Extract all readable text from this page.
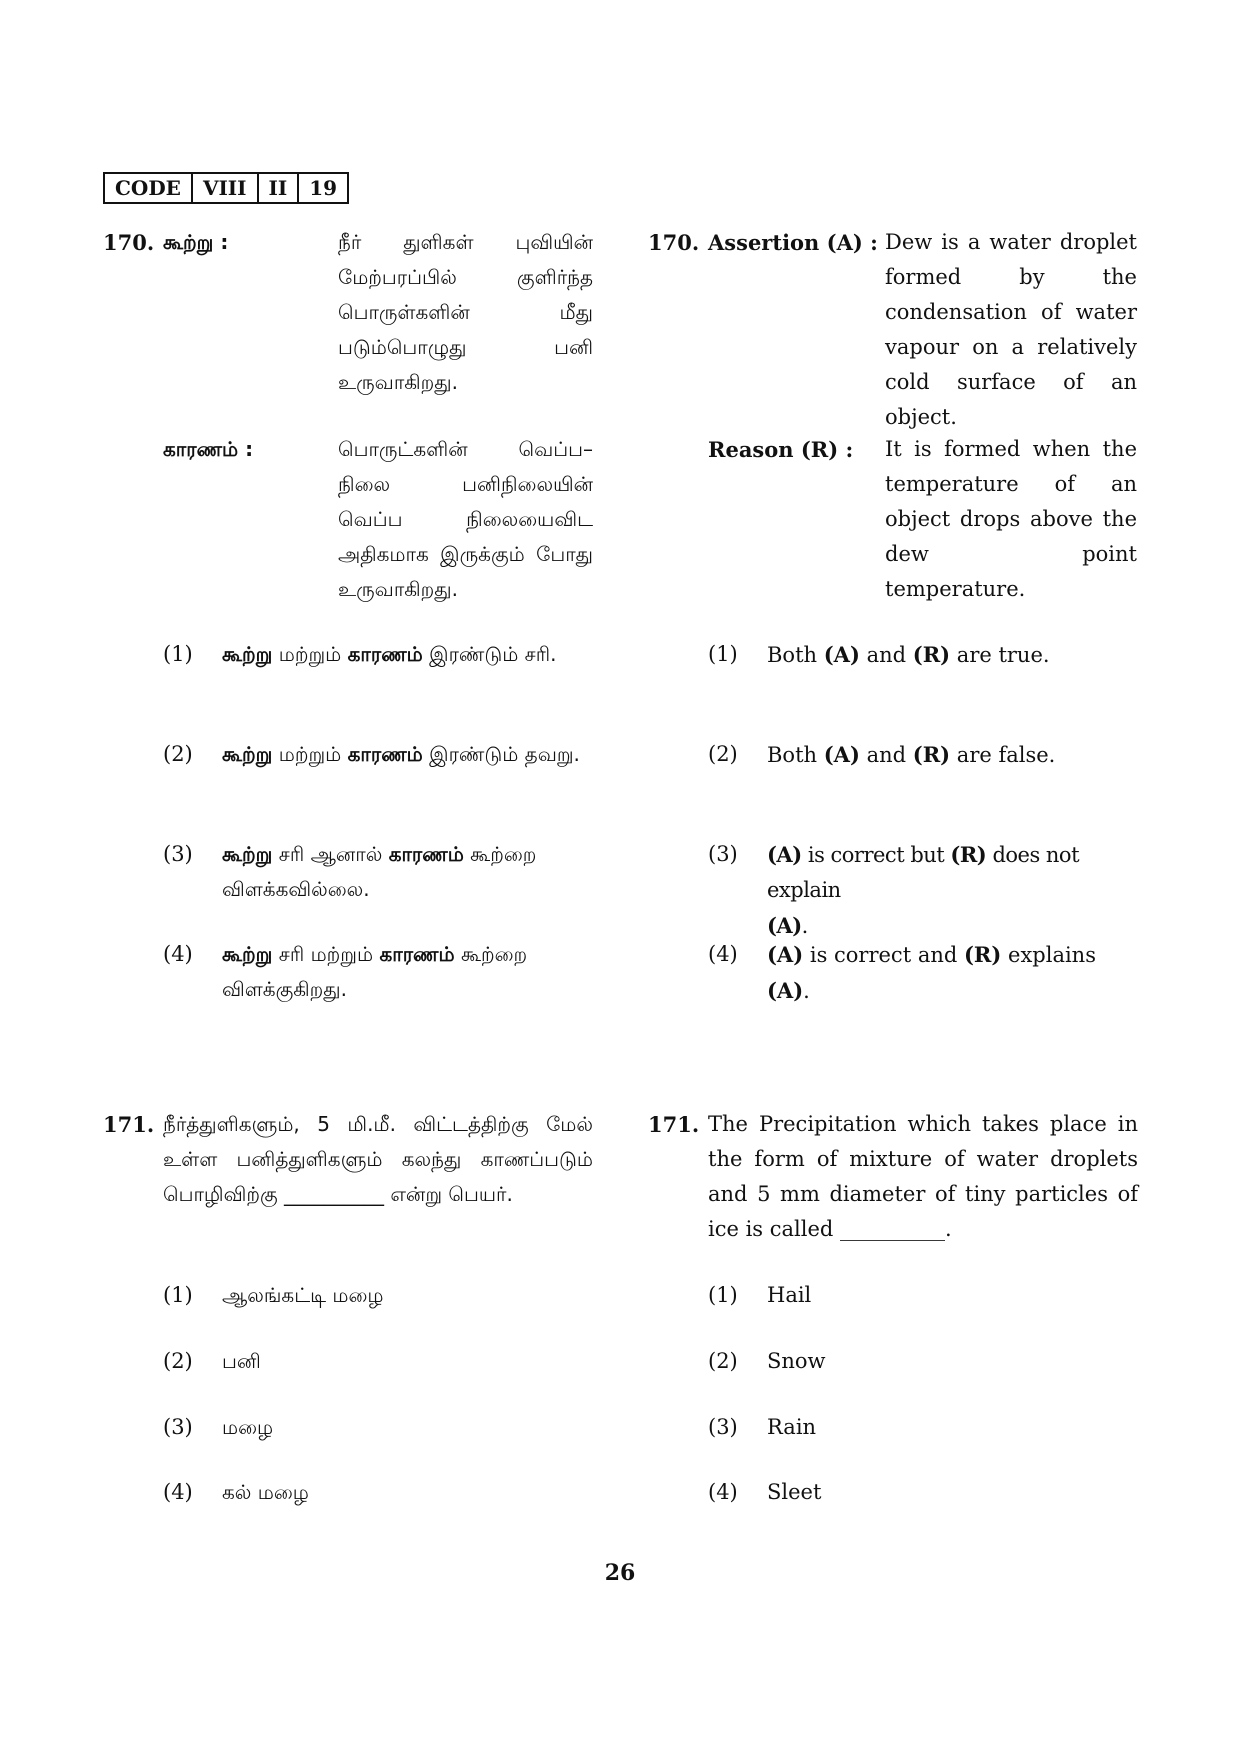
CODE	VIII	II	19
170. கூற்று :	நீர் துளிகள் புவியின் மேற்பரப்பில் குளிர்ந்த பொருள்களின் மீது படும்பொழுது பனி உருவாகிறது.
காரணம் :	பொருட்களின் வெப்ப– நிலை பனிநிலையின் வெப்ப நிலையைவிட அதிகமாக இருக்கும் போது உருவாகிறது.
(1) கூற்று மற்றும் காரணம் இரண்டும் சரி.
(2) கூற்று மற்றும் காரணம் இரண்டும் தவறு.
(3) கூற்று சரி ஆனால் காரணம் கூற்றை விளக்கவில்லை.
(4) கூற்று சரி மற்றும் காரணம் கூற்றை விளக்குகிறது.
170. Assertion (A) : Dew is a water droplet formed by the condensation of water vapour on a relatively cold surface of an object.
Reason (R) : It is formed when the temperature of an object drops above the dew point temperature.
(1) Both (A) and (R) are true.
(2) Both (A) and (R) are false.
(3) (A) is correct but (R) does not explain
(A).
(4) (A) is correct and (R) explains (A).
171. நீர்த்துளிகளும், 5 மி.மீ. விட்டத்திற்கு மேல் உள்ள பனித்துளிகளும் கலந்து காணப்படும் பொழிவிற்கு __________ என்று பெயர்.
(1) ஆலங்கட்டி மழை
(2) பனி
(3) மழை
(4) கல் மழை
171. The Precipitation which takes place in the form of mixture of water droplets and 5 mm diameter of tiny particles of ice is called __________.
(1) Hail
(2) Snow
(3) Rain
(4) Sleet
26
